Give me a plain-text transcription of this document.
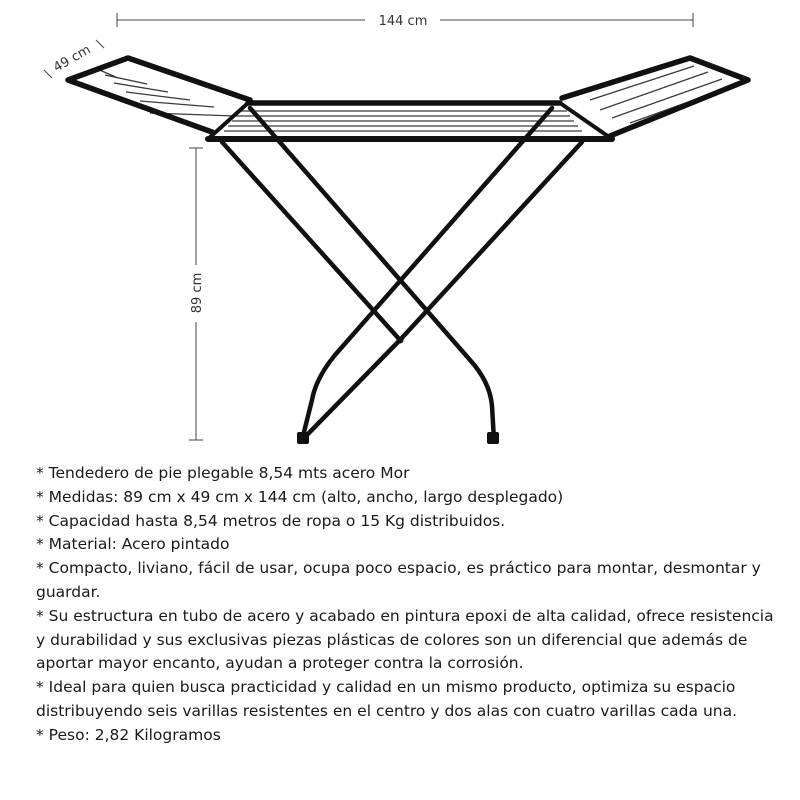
144 cm
49 cm
89 cm
* Tendedero de pie plegable 8,54 mts acero Mor
* Medidas: 89 cm x 49 cm x 144 cm (alto, ancho, largo desplegado)
* Capacidad hasta 8,54 metros de ropa o 15 Kg distribuidos.
* Material: Acero pintado
* Compacto, liviano, fácil de usar, ocupa poco espacio, es práctico para montar, desmontar y guardar.
* Su estructura en tubo de acero y acabado en pintura epoxi de alta calidad, ofrece resistencia y durabilidad y sus exclusivas piezas plásticas de colores son un diferencial que además de aportar mayor encanto, ayudan a proteger contra la corrosión.
* Ideal para quien busca practicidad y calidad en un mismo producto, optimiza su espacio distribuyendo seis varillas resistentes en el centro y dos alas con cuatro varillas cada una.
* Peso: 2,82 Kilogramos
